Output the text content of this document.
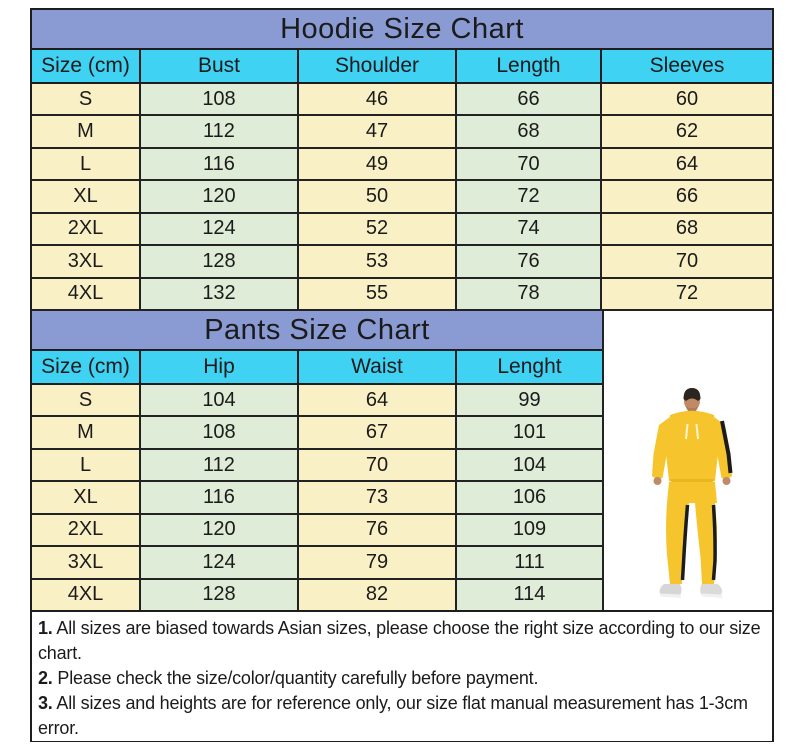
Hoodie Size Chart
Size (cm)	Bust	Shoulder	Length	Sleeves
S	108	46	66	60
M	112	47	68	62
L	116	49	70	64
XL	120	50	72	66
2XL	124	52	74	68
3XL	128	53	76	70
4XL	132	55	78	72
Pants Size Chart
Size (cm)	Hip	Waist	Lenght
S	104	64	99
M	108	67	101
L	112	70	104
XL	116	73	106
2XL	120	76	109
3XL	124	79	111
4XL	128	82	114

1. All sizes are biased towards Asian sizes, please choose the right size according to our size chart.

2. Please check the size/color/quantity carefully before payment.

3. All sizes and heights are for reference only, our size flat manual measurement has 1-3cm error.
